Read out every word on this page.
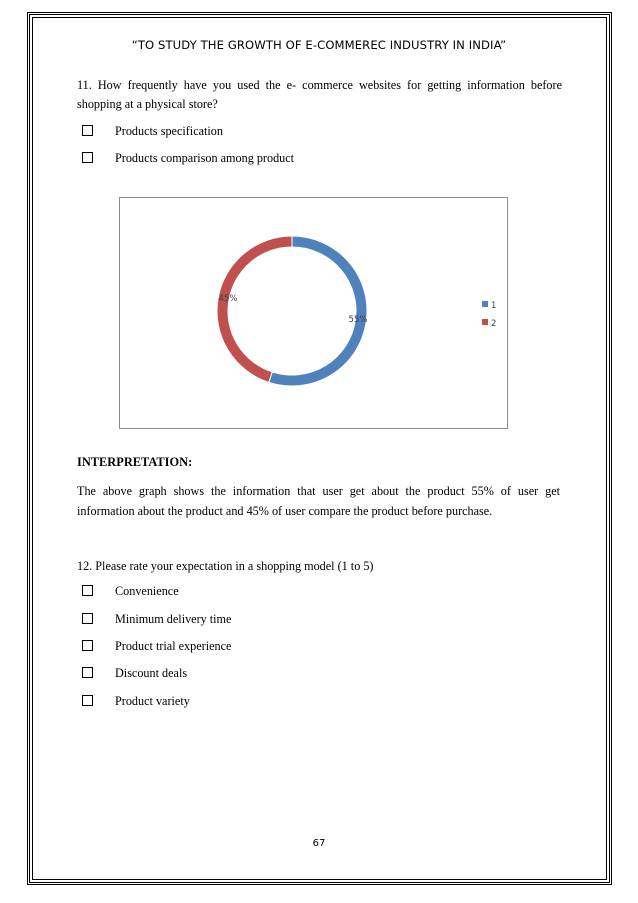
“TO STUDY THE GROWTH OF E-COMMEREC INDUSTRY IN INDIA”
11. How frequently have you used the e- commerce websites for getting information before shopping at a physical store?
Products specification
Products comparison among product
55%
45%
1
2
INTERPRETATION:
The above graph shows the information that user get about the product 55% of user get information about the product and 45% of user compare the product before purchase.
12. Please rate your expectation in a shopping model (1 to 5)
Convenience
Minimum delivery time
Product trial experience
Discount deals
Product variety
67
